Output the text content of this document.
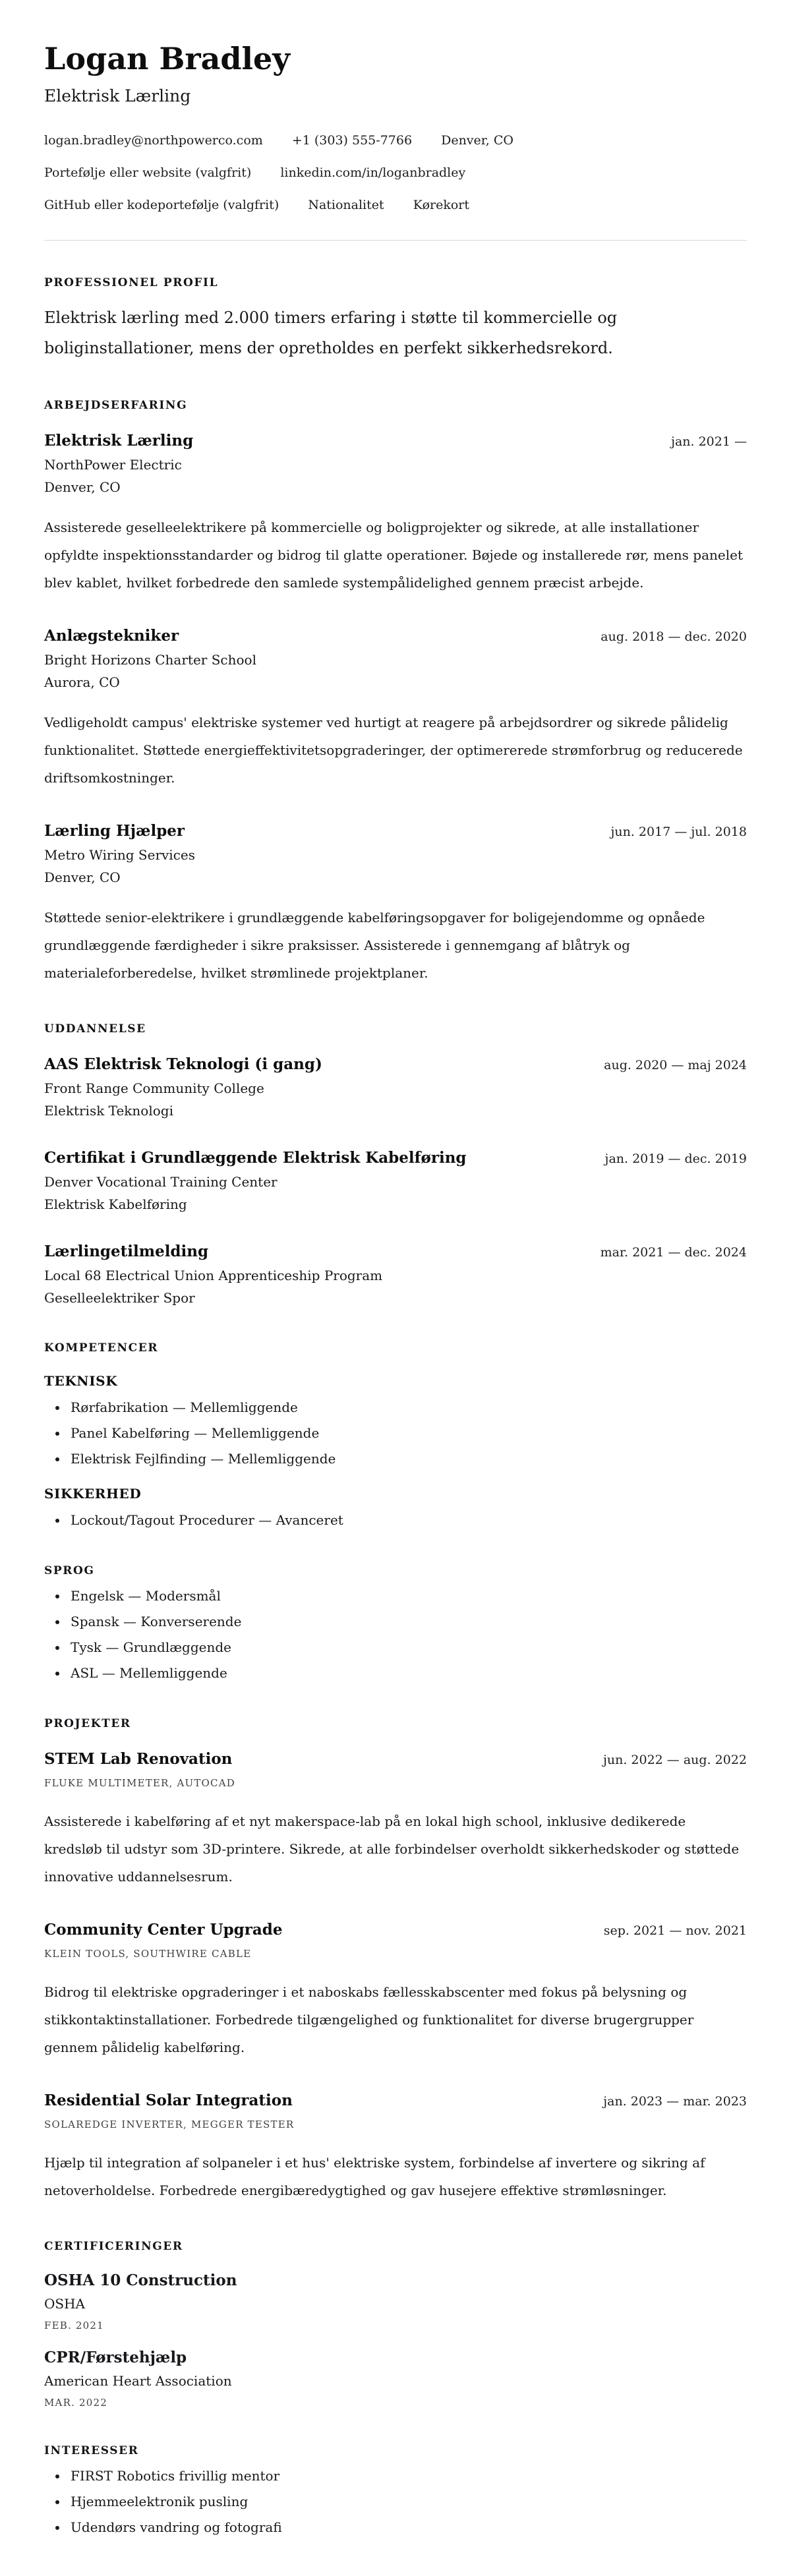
Logan Bradley
Elektrisk Lærling
logan.bradley@northpowerco.com +1 (303) 555-7766 Denver, CO
Portefølje eller website (valgfrit) linkedin.com/in/loganbradley
GitHub eller kodeportefølje (valgfrit) Nationalitet Kørekort
PROFESSIONEL PROFIL

Elektrisk lærling med 2.000 timers erfaring i støtte til kommercielle og boliginstallationer, mens der opretholdes en perfekt sikkerhedsrekord.

ARBEJDSERFARING
Elektrisk Lærling	jan. 2021 —
NorthPower Electric
Denver, CO

Assisterede geselleelektrikere på kommercielle og boligprojekter og sikrede, at alle installationer opfyldte inspektionsstandarder og bidrog til glatte operationer. Bøjede og installerede rør, mens panelet blev kablet, hvilket forbedrede den samlede systempålidelighed gennem præcist arbejde.

Anlægstekniker	aug. 2018 — dec. 2020
Bright Horizons Charter School
Aurora, CO

Vedligeholdt campus' elektriske systemer ved hurtigt at reagere på arbejdsordrer og sikrede pålidelig funktionalitet. Støttede energieffektivitetsopgraderinger, der optimererede strømforbrug og reducerede driftsomkostninger.

Lærling Hjælper	jun. 2017 — jul. 2018
Metro Wiring Services
Denver, CO

Støttede senior-elektrikere i grundlæggende kabelføringsopgaver for boligejendomme og opnåede grundlæggende færdigheder i sikre praksisser. Assisterede i gennemgang af blåtryk og materialeforberedelse, hvilket strømlinede projektplaner.

UDDANNELSE
AAS Elektrisk Teknologi (i gang)	aug. 2020 — maj 2024
Front Range Community College
Elektrisk Teknologi
Certifikat i Grundlæggende Elektrisk Kabelføring	jan. 2019 — dec. 2019
Denver Vocational Training Center
Elektrisk Kabelføring
Lærlingetilmelding	mar. 2021 — dec. 2024
Local 68 Electrical Union Apprenticeship Program
Geselleelektriker Spor
KOMPETENCER
TEKNISK
• Rørfabrikation — Mellemliggende
• Panel Kabelføring — Mellemliggende
• Elektrisk Fejlfinding — Mellemliggende
SIKKERHED
• Lockout/Tagout Procedurer — Avanceret
SPROG
• Engelsk — Modersmål
• Spansk — Konverserende
• Tysk — Grundlæggende
• ASL — Mellemliggende
PROJEKTER
STEM Lab Renovation	jun. 2022 — aug. 2022
FLUKE MULTIMETER, AUTOCAD

Assisterede i kabelføring af et nyt makerspace-lab på en lokal high school, inklusive dedikerede kredsløb til udstyr som 3D-printere. Sikrede, at alle forbindelser overholdt sikkerhedskoder og støttede innovative uddannelsesrum.

Community Center Upgrade	sep. 2021 — nov. 2021
KLEIN TOOLS, SOUTHWIRE CABLE

Bidrog til elektriske opgraderinger i et naboskabs fællesskabscenter med fokus på belysning og stikkontaktinstallationer. Forbedrede tilgængelighed og funktionalitet for diverse brugergrupper gennem pålidelig kabelføring.

Residential Solar Integration	jan. 2023 — mar. 2023
SOLAREDGE INVERTER, MEGGER TESTER

Hjælp til integration af solpaneler i et hus' elektriske system, forbindelse af invertere og sikring af netoverholdelse. Forbedrede energibæredygtighed og gav husejere effektive strømløsninger.

CERTIFICERINGER
OSHA 10 Construction
OSHA
FEB. 2021
CPR/Førstehjælp
American Heart Association
MAR. 2022
INTERESSER
• FIRST Robotics frivillig mentor
• Hjemmeelektronik pusling
• Udendørs vandring og fotografi
